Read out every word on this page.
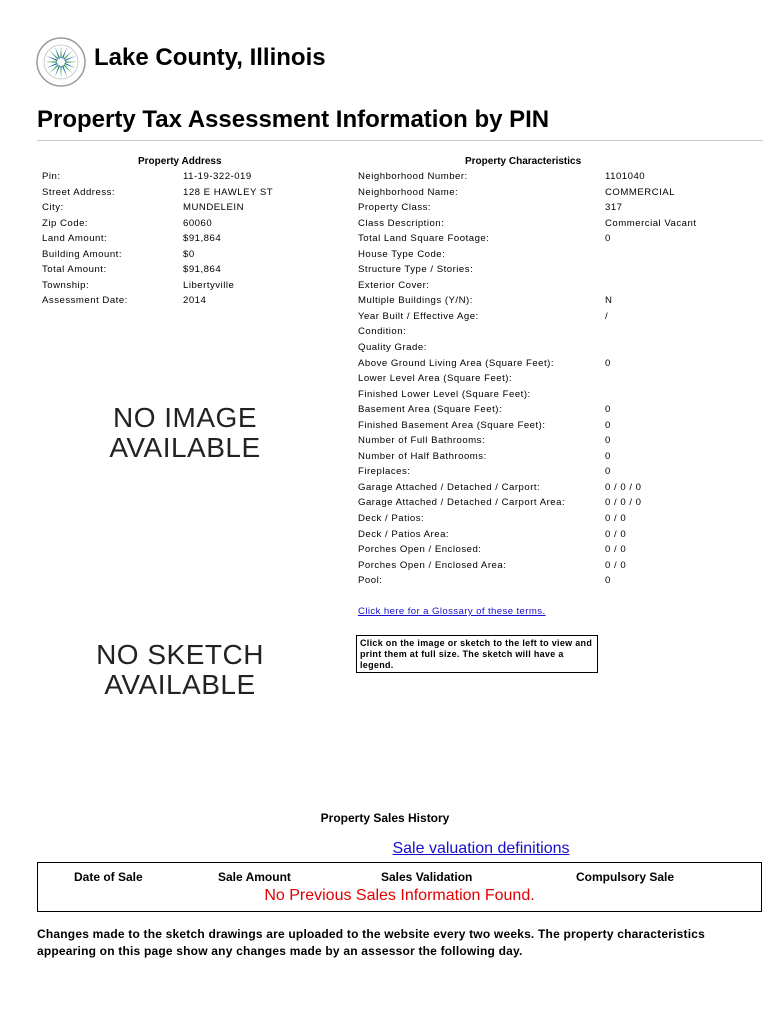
Lake County, Illinois
Property Tax Assessment Information by PIN
Property Address
Pin:	11-19-322-019
Street Address:	128 E HAWLEY ST
City:	MUNDELEIN
Zip Code:	60060
Land Amount:	$91,864
Building Amount:	$0
Total Amount:	$91,864
Township:	Libertyville
Assessment Date:	2014
Property Characteristics
Neighborhood Number:	1101040
Neighborhood Name:	COMMERCIAL
Property Class:	317
Class Description:	Commercial Vacant
Total Land Square Footage:	0
House Type Code:
Structure Type / Stories:
Exterior Cover:
Multiple Buildings (Y/N):	N
Year Built / Effective Age:	/
Condition:
Quality Grade:
Above Ground Living Area (Square Feet):	0
Lower Level Area (Square Feet):
Finished Lower Level (Square Feet):
Basement Area (Square Feet):	0
Finished Basement Area (Square Feet):	0
Number of Full Bathrooms:	0
Number of Half Bathrooms:	0
Fireplaces:	0
Garage Attached / Detached / Carport:	0 / 0 / 0
Garage Attached / Detached / Carport Area:	0 / 0 / 0
Deck / Patios:	0 / 0
Deck / Patios Area:	0 / 0
Porches Open / Enclosed:	0 / 0
Porches Open / Enclosed Area:	0 / 0
Pool:	0
NO IMAGE
AVAILABLE
NO SKETCH
AVAILABLE
Click here for a Glossary of these terms.
Click on the image or sketch to the left to view and print them at full size. The sketch will have a legend.
Property Sales History
Sale valuation definitions
Date of Sale	Sale Amount	Sales Validation	Compulsory Sale
No Previous Sales Information Found.
Changes made to the sketch drawings are uploaded to the website every two weeks. The property characteristics appearing on this page show any changes made by an assessor the following day.
